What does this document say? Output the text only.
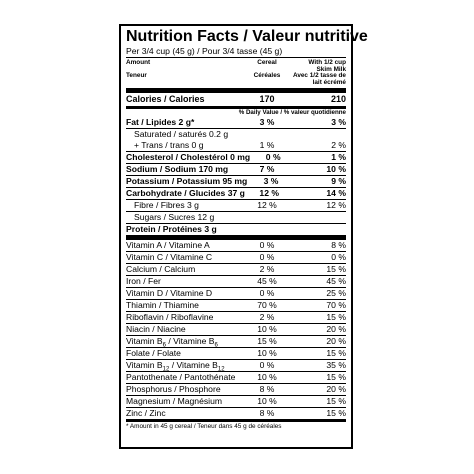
Nutrition Facts / Valeur nutritive
Per 3/4 cup (45 g) / Pour 3/4 tasse (45 g)
Amount	Cereal	With 1/2 cup Skim Milk
Teneur	Céréales	Avec 1/2 tasse de lait écrémé
Calories / Calories	170	210
% Daily Value / % valeur quotidienne
Fat / Lipides 2 g*	3 %	3 %
Saturated / saturés 0.2 g
+ Trans / trans 0 g	1 %	2 %
Cholesterol / Cholestérol 0 mg	0 %	1 %
Sodium / Sodium 170 mg	7 %	10 %
Potassium / Potassium 95 mg	3 %	9 %
Carbohydrate / Glucides 37 g	12 %	14 %
Fibre / Fibres 3 g	12 %	12 %
Sugars / Sucres 12 g
Protein / Protéines 3 g
Vitamin A / Vitamine A	0 %	8 %
Vitamin C / Vitamine C	0 %	0 %
Calcium / Calcium	2 %	15 %
Iron / Fer	45 %	45 %
Vitamin D / Vitamine D	0 %	25 %
Thiamin / Thiamine	70 %	70 %
Riboflavin / Riboflavine	2 %	15 %
Niacin / Niacine	10 %	20 %
Vitamin $B_6$ / Vitamine $B_6$	15 %	20 %
Folate / Folate	10 %	15 %
Vitamin $B_{12}$ / Vitamine $B_{12}$	0 %	35 %
Pantothenate / Pantothénate	10 %	15 %
Phosphorus / Phosphore	8 %	20 %
Magnesium / Magnésium	10 %	15 %
Zinc / Zinc	8 %	15 %
* Amount in 45 g cereal / Teneur dans 45 g de céréales
